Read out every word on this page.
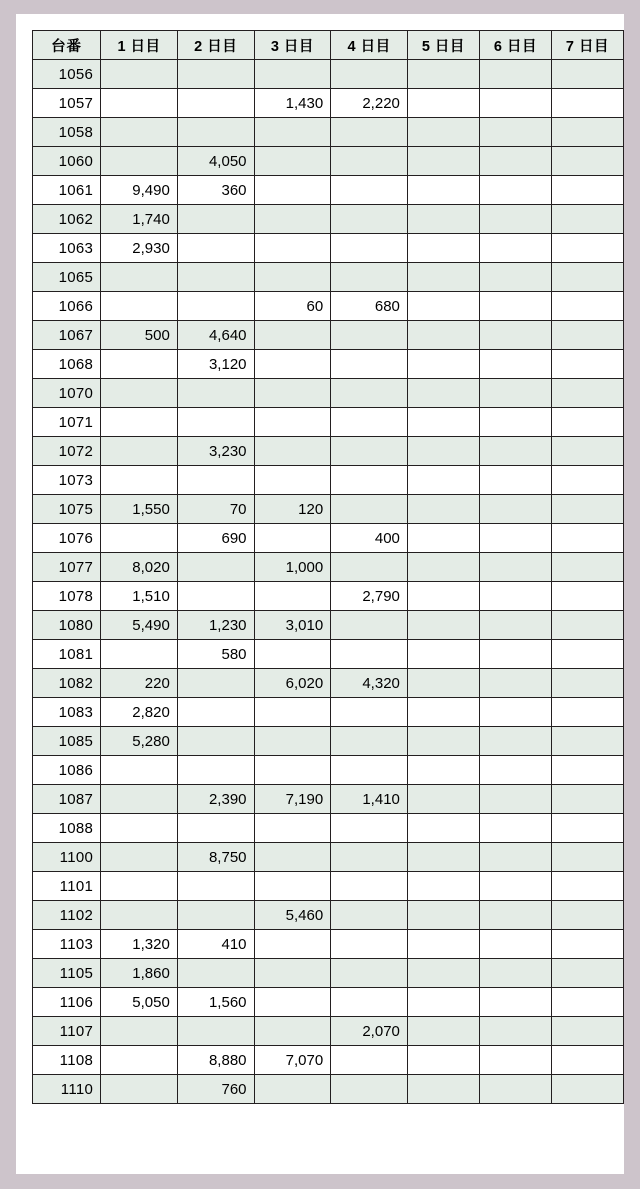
台番	1 日目	2 日目	3 日目	4 日目	5 日目	6 日目	7 日目
1056							
1057			1,430	2,220			
1058							
1060		4,050					
1061	9,490	360					
1062	1,740						
1063	2,930						
1065							
1066			60	680			
1067	500	4,640					
1068		3,120					
1070							
1071							
1072		3,230					
1073							
1075	1,550	70	120				
1076		690		400			
1077	8,020		1,000				
1078	1,510			2,790			
1080	5,490	1,230	3,010				
1081		580					
1082	220		6,020	4,320			
1083	2,820						
1085	5,280						
1086							
1087		2,390	7,190	1,410			
1088							
1100		8,750					
1101							
1102			5,460				
1103	1,320	410					
1105	1,860						
1106	5,050	1,560					
1107				2,070			
1108		8,880	7,070				
1110		760					
